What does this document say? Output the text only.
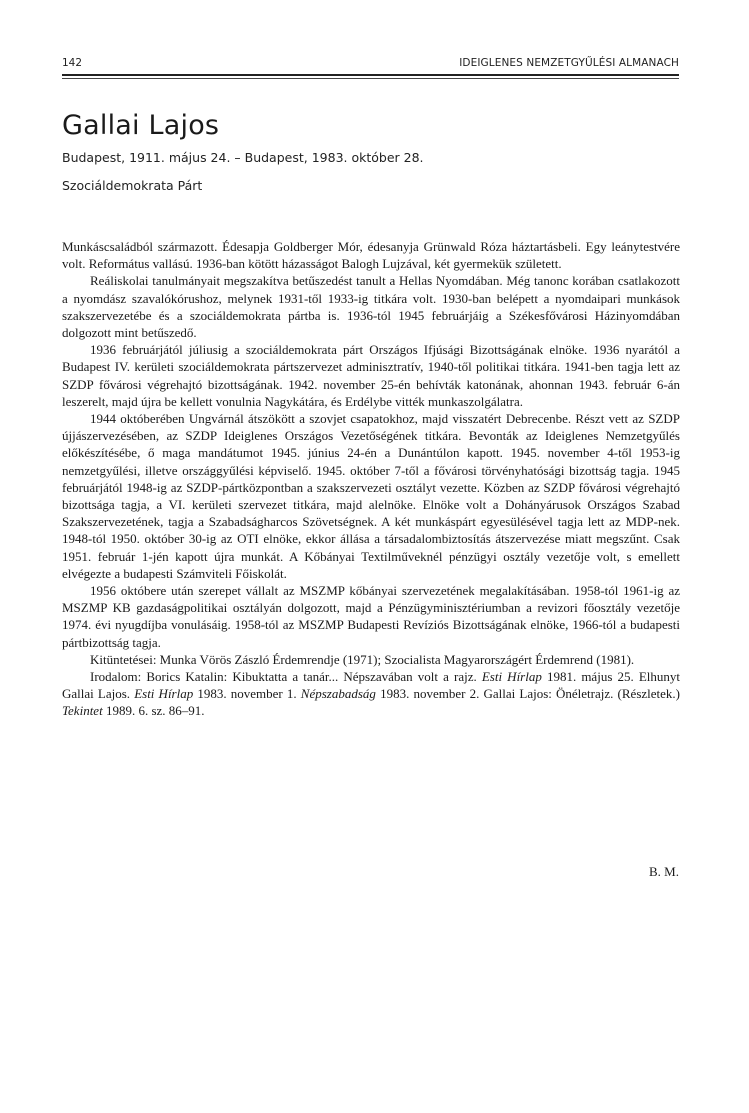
142	IDEIGLENES NEMZETGYŰLÉSI ALMANACH
Gallai Lajos
Budapest, 1911. május 24. – Budapest, 1983. október 28.
Szociáldemokrata Párt

Munkáscsaládból származott. Édesapja Goldberger Mór, édesanyja Grünwald Róza háztartásbeli. Egy leánytestvére volt. Református vallású. 1936-ban kötött házasságot Balogh Lujzával, két gyermekük született.

Reáliskolai tanulmányait megszakítva betűszedést tanult a Hellas Nyomdában. Még tanonc korában csatlakozott a nyomdász szavalókórushoz, melynek 1931-től 1933-ig titkára volt. 1930-ban belépett a nyomdaipari munkások szakszervezetébe és a szociáldemokrata pártba is. 1936-tól 1945 februárjáig a Székesfővárosi Házinyomdában dolgozott mint betűszedő.

1936 februárjától júliusig a szociáldemokrata párt Országos Ifjúsági Bizottságának elnöke. 1936 nyarától a Budapest IV. kerületi szociáldemokrata pártszervezet adminisztratív, 1940-től politikai titkára. 1941-ben tagja lett az SZDP fővárosi végrehajtó bizottságának. 1942. november 25-én behívták katonának, ahonnan 1943. február 6-án leszerelt, majd újra be kellett vonulnia Nagykátára, és Erdélybe vitték munkaszolgálatra.

1944 októberében Ungvárnál átszökött a szovjet csapatokhoz, majd visszatért Debrecenbe. Részt vett az SZDP újjászervezésében, az SZDP Ideiglenes Országos Vezetőségének titkára. Bevonták az Ideiglenes Nemzetgyűlés előkészítésébe, ő maga mandátumot 1945. június 24-én a Dunántúlon kapott. 1945. november 4-től 1953-ig nemzetgyűlési, illetve országgyűlési képviselő. 1945. október 7-től a fővárosi törvényhatósági bizottság tagja. 1945 februárjától 1948-ig az SZDP-pártközpontban a szakszervezeti osztályt vezette. Közben az SZDP fővárosi végrehajtó bizottsága tagja, a VI. kerületi szervezet titkára, majd alelnöke. Elnöke volt a Dohányárusok Országos Szabad Szakszervezetének, tagja a Szabadságharcos Szövetségnek. A két munkáspárt egyesülésével tagja lett az MDP-nek. 1948-tól 1950. október 30-ig az OTI elnöke, ekkor állása a társadalombiztosítás átszervezése miatt megszűnt. Csak 1951. február 1-jén kapott újra munkát. A Kőbányai Textilműveknél pénzügyi osztály vezetője volt, s emellett elvégezte a budapesti Számviteli Főiskolát.

1956 októbere után szerepet vállalt az MSZMP kőbányai szervezetének megalakításában. 1958-tól 1961-ig az MSZMP KB gazdaságpolitikai osztályán dolgozott, majd a Pénzügyminisztériumban a revizori főosztály vezetője 1974. évi nyugdíjba vonulásáig. 1958-tól az MSZMP Budapesti Revíziós Bizottságának elnöke, 1966-tól a budapesti pártbizottság tagja.

Kitüntetései: Munka Vörös Zászló Érdemrendje (1971); Szocialista Magyarországért Érdemrend (1981).

Irodalom: Borics Katalin: Kibuktatta a tanár... Népszavában volt a rajz. Esti Hírlap 1981. május 25. Elhunyt Gallai Lajos. Esti Hírlap 1983. november 1. Népszabadság 1983. november 2. Gallai Lajos: Önéletrajz. (Részletek.) Tekintet 1989. 6. sz. 86–91.

B. M.
